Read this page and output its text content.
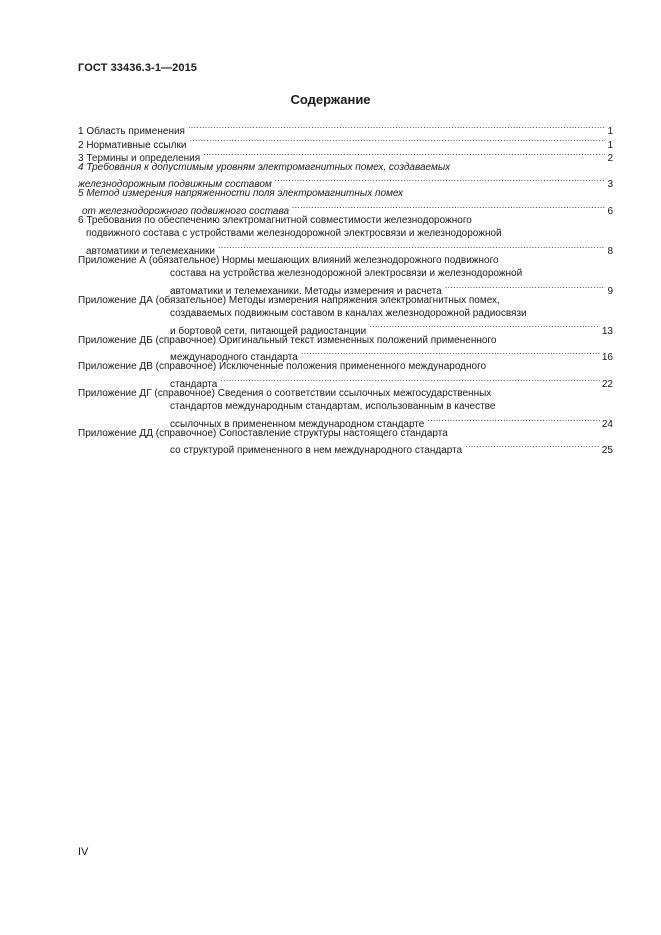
ГОСТ 33436.3-1—2015
Содержание
1 Область применения .....	1
2 Нормативные ссылки .....	1
3 Термины и определения .....	2
4 Требования к допустимым уровням электромагнитных помех, создаваемых
железнодорожным подвижным составом .....	3
5 Метод измерения напряженности поля электромагнитных помех
от железнодорожного подвижного состава .....	6
6 Требования по обеспечению электромагнитной совместимости железнодорожного
подвижного состава с устройствами железнодорожной электросвязи и железнодорожной
автоматики и телемеханики .....	8
Приложение А (обязательное) Нормы мешающих влияний железнодорожного подвижного
состава на устройства железнодорожной электросвязи и железнодорожной
автоматики и телемеханики. Методы измерения и расчета .....	9
Приложение ДА (обязательное) Методы измерения напряжения электромагнитных помех,
создаваемых подвижным составом в каналах железнодорожной радиосвязи
и бортовой сети, питающей радиостанции .....	13
Приложение ДБ (справочное) Оригинальный текст измененных положений примененного
международного стандарта .....	16
Приложение ДВ (справочное) Исключенные положения примененного международного
стандарта .....	22
Приложение ДГ (справочное) Сведения о соответствии ссылочных межгосударственных
стандартов международным стандартам, использованным в качестве
ссылочных в примененном международном стандарте .....	24
Приложение ДД (справочное) Сопоставление структуры настоящего стандарта
со структурой примененного в нем международного стандарта .....	25
IV
